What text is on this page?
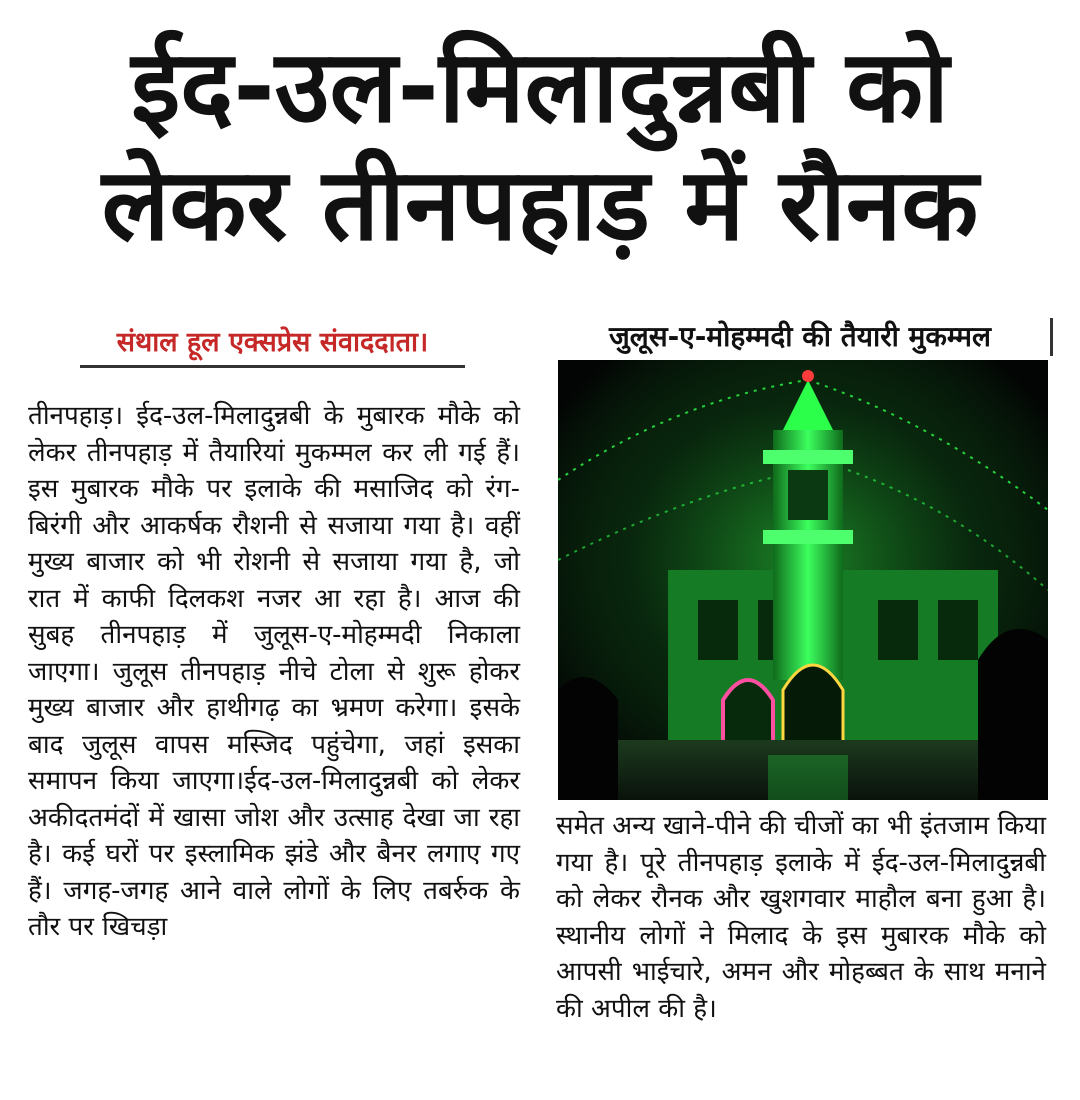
ईद-उल-मिलादुन्नबी को
लेकर तीनपहाड़ में रौनक
संथाल हूल एक्सप्रेस संवाददाता।	जुलूस-ए-मोहम्मदी की तैयारी मुकम्मल
तीनपहाड़। ईद-उल-मिलादुन्नबी के मुबारक मौके को लेकर तीनपहाड़ में तैयारियां मुकम्मल कर ली गई हैं। इस मुबारक मौके पर इलाके की मसाजिद को रंग-बिरंगी और आकर्षक रौशनी से सजाया गया है। वहीं मुख्य बाजार को भी रोशनी से सजाया गया है, जो रात में काफी दिलकश नजर आ रहा है। आज की सुबह तीनपहाड़ में जुलूस-ए-मोहम्मदी निकाला जाएगा। जुलूस तीनपहाड़ नीचे टोला से शुरू होकर मुख्य बाजार और हाथीगढ़ का भ्रमण करेगा। इसके बाद जुलूस वापस मस्जिद पहुंचेगा, जहां इसका समापन किया जाएगा।ईद-उल-मिलादुन्नबी को लेकर अकीदतमंदों में खासा जोश और उत्साह देखा जा रहा है। कई घरों पर इस्लामिक झंडे और बैनर लगाए गए हैं। जगह-जगह आने वाले लोगों के लिए तबर्रुक के तौर पर खिचड़ा
समेत अन्य खाने-पीने की चीजों का भी इंतजाम किया गया है। पूरे तीनपहाड़ इलाके में ईद-उल-मिलादुन्नबी को लेकर रौनक और खुशगवार माहौल बना हुआ है। स्थानीय लोगों ने मिलाद के इस मुबारक मौके को आपसी भाईचारे, अमन और मोहब्बत के साथ मनाने की अपील की है।
